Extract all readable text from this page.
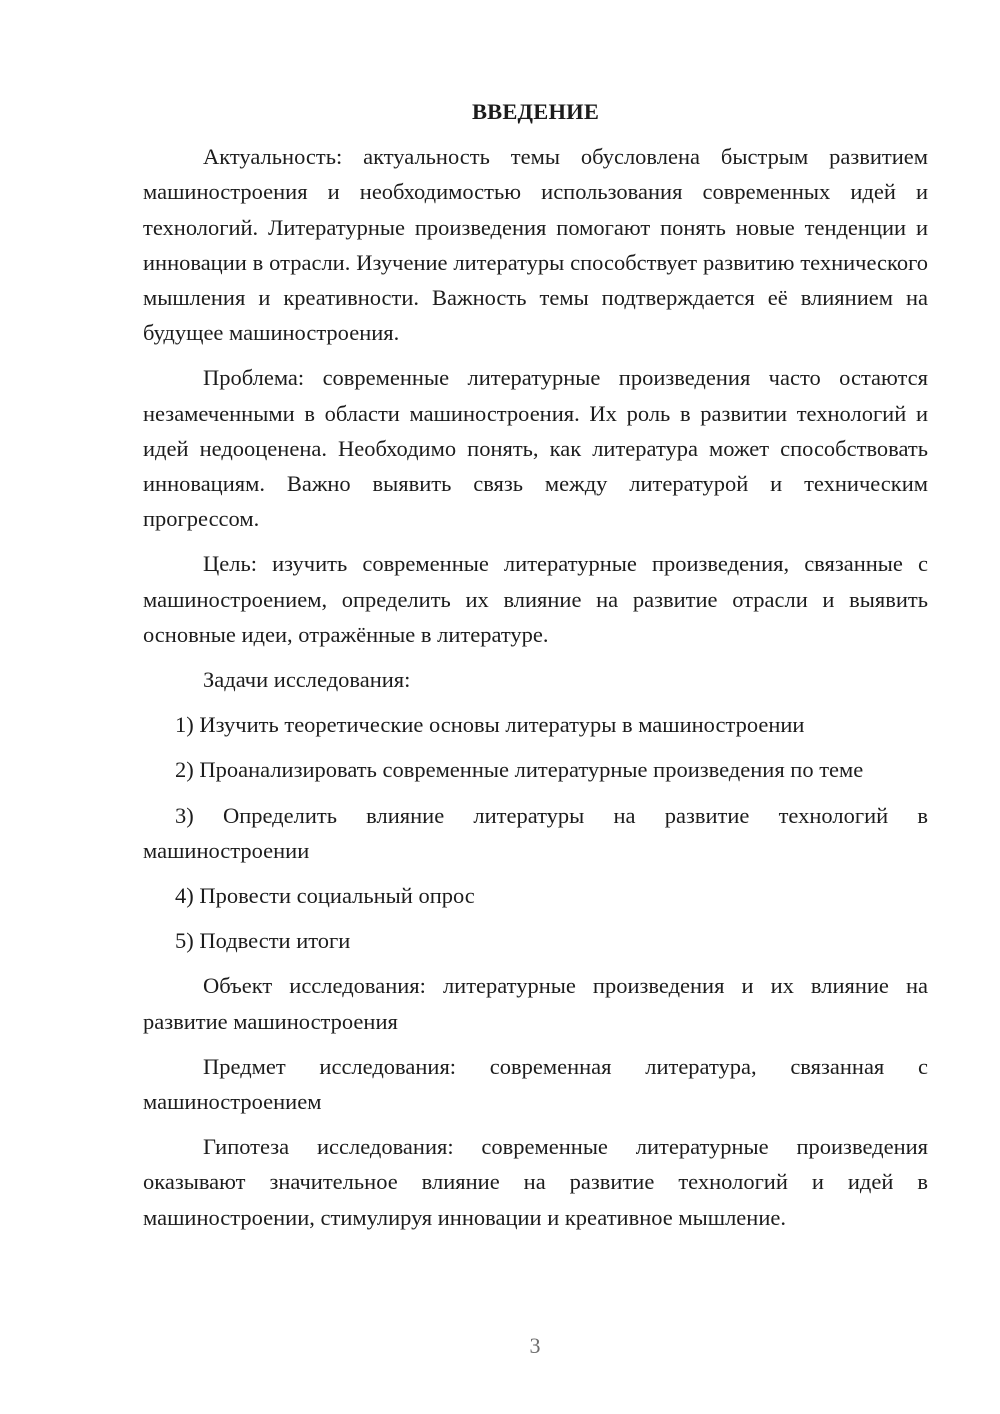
ВВЕДЕНИЕ

Актуальность: актуальность темы обусловлена быстрым развитием машиностроения и необходимостью использования современных идей и технологий. Литературные произведения помогают понять новые тенденции и инновации в отрасли. Изучение литературы способствует развитию технического мышления и креативности. Важность темы подтверждается её влиянием на будущее машиностроения.

Проблема: современные литературные произведения часто остаются незамеченными в области машиностроения. Их роль в развитии технологий и идей недооценена. Необходимо понять, как литература может способствовать инновациям. Важно выявить связь между литературой и техническим прогрессом.

Цель: изучить современные литературные произведения, связанные с машиностроением, определить их влияние на развитие отрасли и выявить основные идеи, отражённые в литературе.

Задачи исследования:

1) Изучить теоретические основы литературы в машиностроении

2) Проанализировать современные литературные произведения по теме

3) Определить влияние литературы на развитие технологий в машиностроении

4) Провести социальный опрос

5) Подвести итоги

Объект исследования: литературные произведения и их влияние на развитие машиностроения

Предмет исследования: современная литература, связанная с машиностроением

Гипотеза исследования: современные литературные произведения оказывают значительное влияние на развитие технологий и идей в машиностроении, стимулируя инновации и креативное мышление.

3
